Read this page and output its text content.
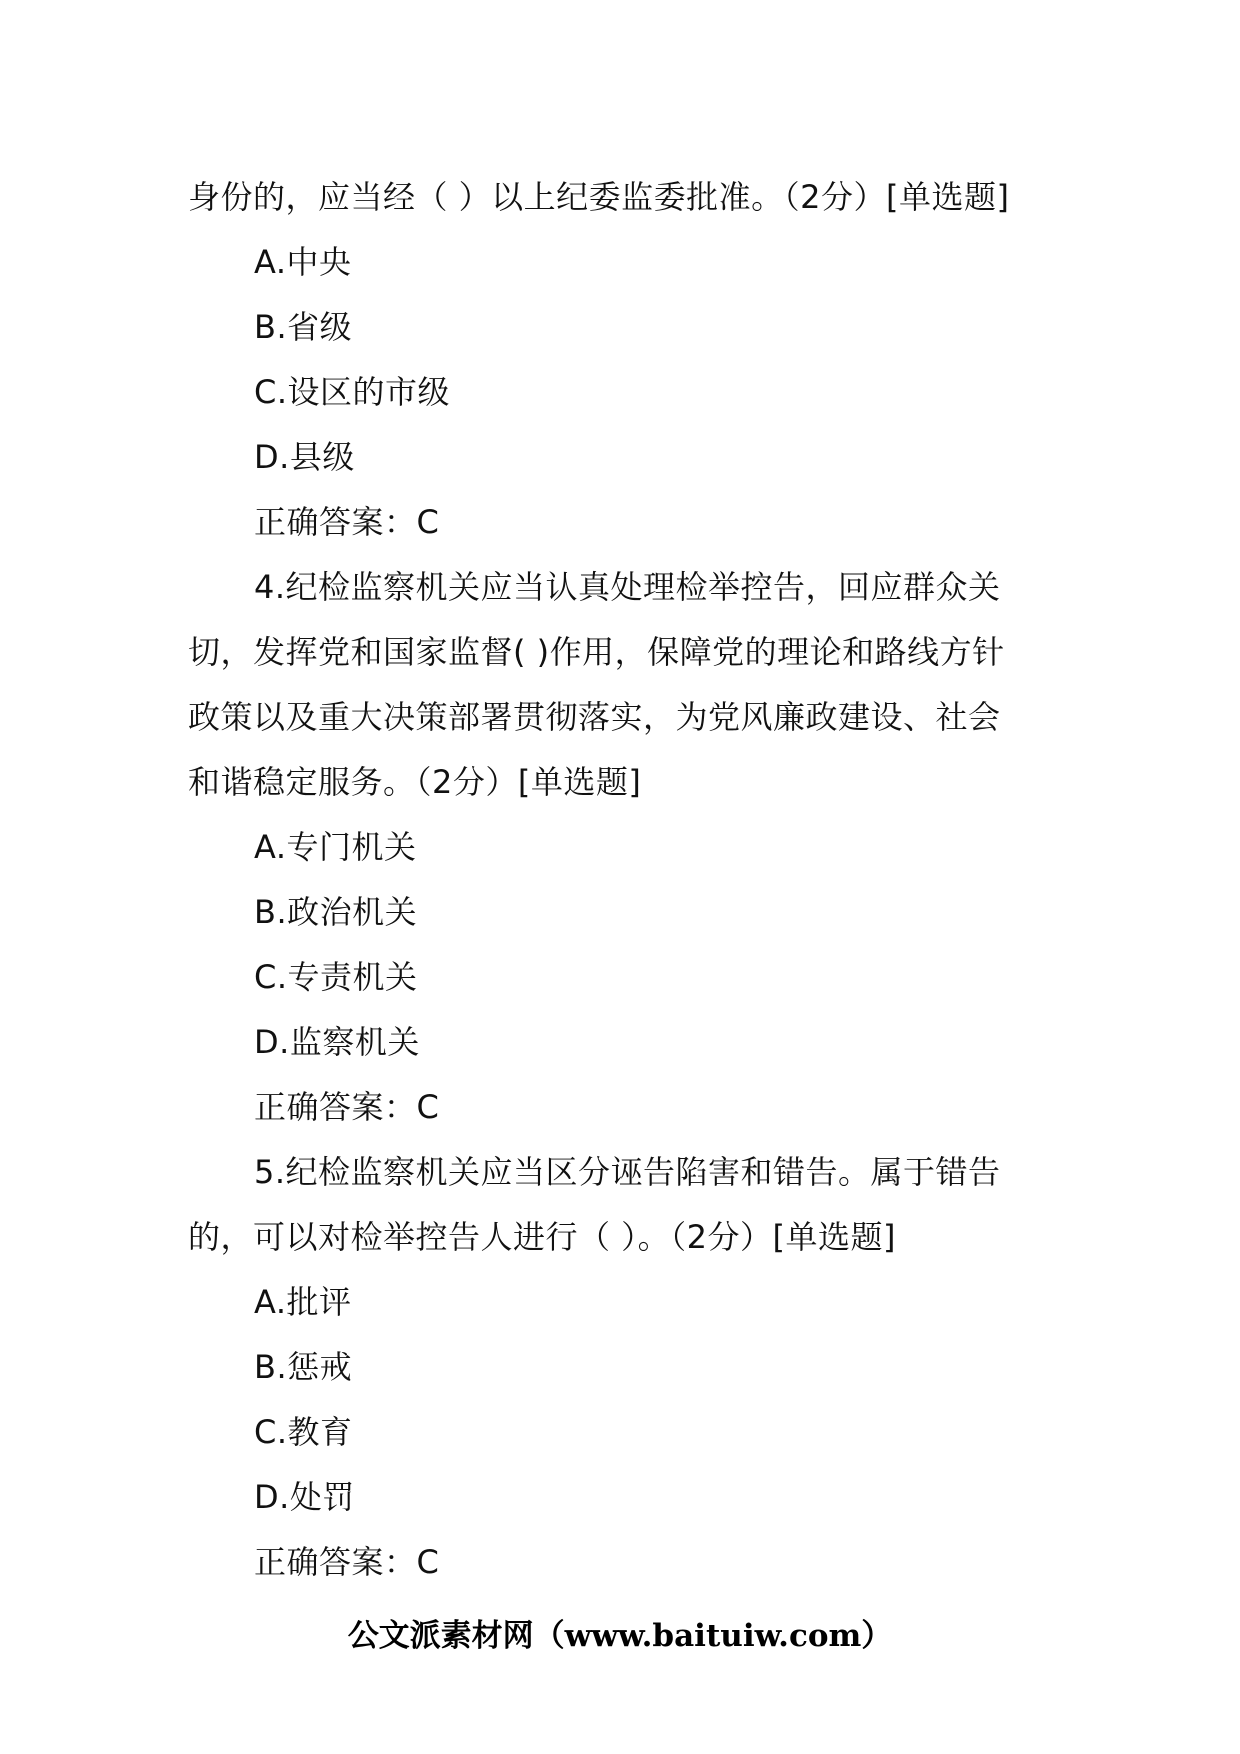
身份的，应当经（ ）以上纪委监委批准。（2分）[单选题]
A.中央
B.省级
C.设区的市级
D.县级
正确答案：C
4.纪检监察机关应当认真处理检举控告，回应群众关
切，发挥党和国家监督( )作用，保障党的理论和路线方针
政策以及重大决策部署贯彻落实，为党风廉政建设、社会
和谐稳定服务。（2分）[单选题]
A.专门机关
B.政治机关
C.专责机关
D.监察机关
正确答案：C
5.纪检监察机关应当区分诬告陷害和错告。属于错告
的，可以对检举控告人进行（ ）。（2分）[单选题]
A.批评
B.惩戒
C.教育
D.处罚
正确答案：C
公文派素材网（www.baituiw.com）
